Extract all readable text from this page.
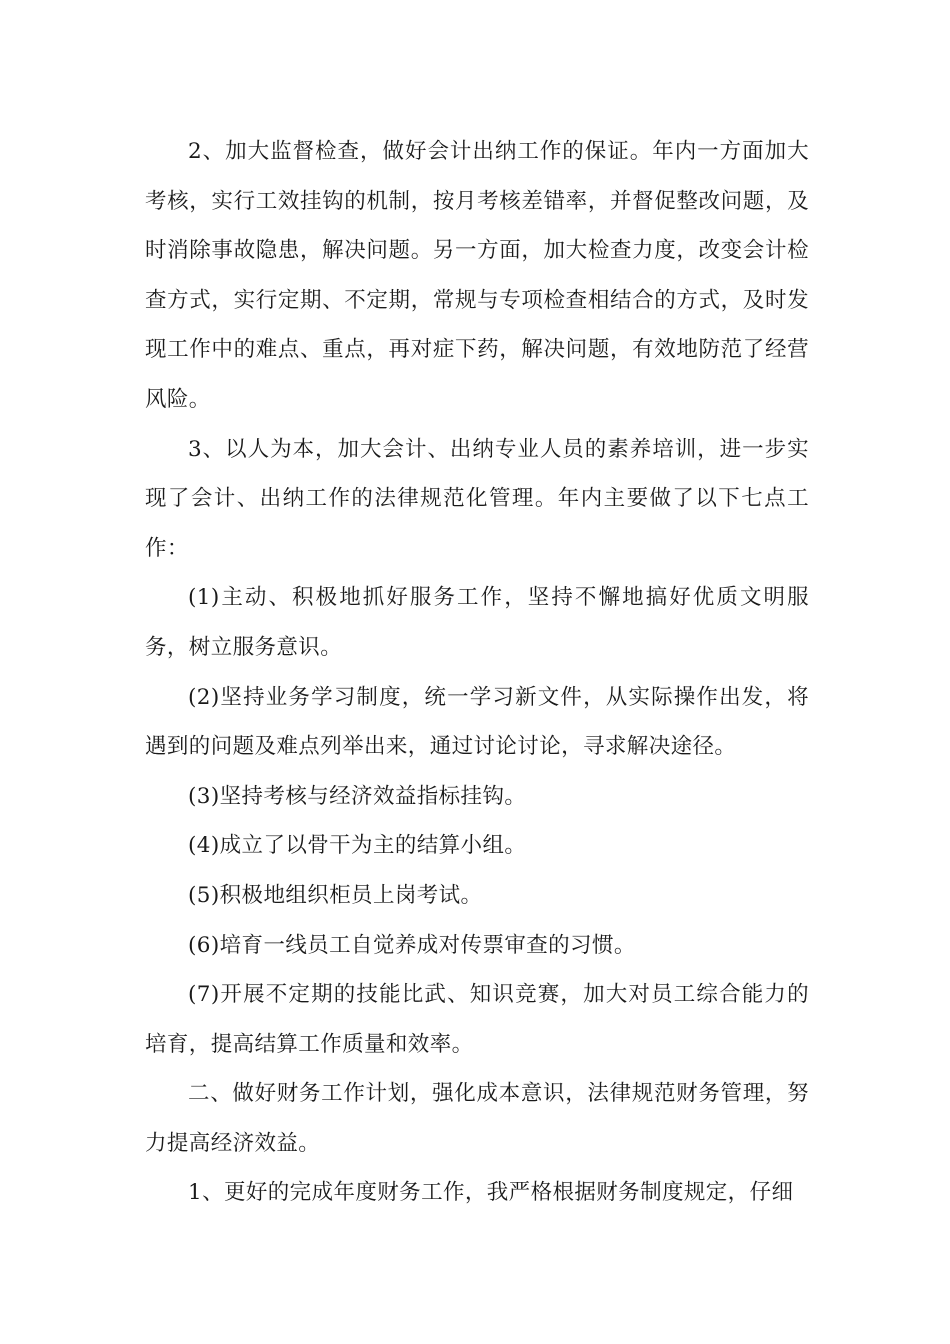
2、加大监督检查，做好会计出纳工作的保证。年内一方面加大考核，实行工效挂钩的机制，按月考核差错率，并督促整改问题，及时消除事故隐患，解决问题。另一方面，加大检查力度，改变会计检查方式，实行定期、不定期，常规与专项检查相结合的方式，及时发现工作中的难点、重点，再对症下药，解决问题，有效地防范了经营风险。

3、以人为本，加大会计、出纳专业人员的素养培训，进一步实现了会计、出纳工作的法律规范化管理。年内主要做了以下七点工作：

(1)主动、积极地抓好服务工作，坚持不懈地搞好优质文明服务，树立服务意识。

(2)坚持业务学习制度，统一学习新文件，从实际操作出发，将遇到的问题及难点列举出来，通过讨论讨论，寻求解决途径。

(3)坚持考核与经济效益指标挂钩。

(4)成立了以骨干为主的结算小组。

(5)积极地组织柜员上岗考试。

(6)培育一线员工自觉养成对传票审查的习惯。

(7)开展不定期的技能比武、知识竞赛，加大对员工综合能力的培育，提高结算工作质量和效率。

二、做好财务工作计划，强化成本意识，法律规范财务管理，努力提高经济效益。

1、更好的完成年度财务工作，我严格根据财务制度规定，仔细
